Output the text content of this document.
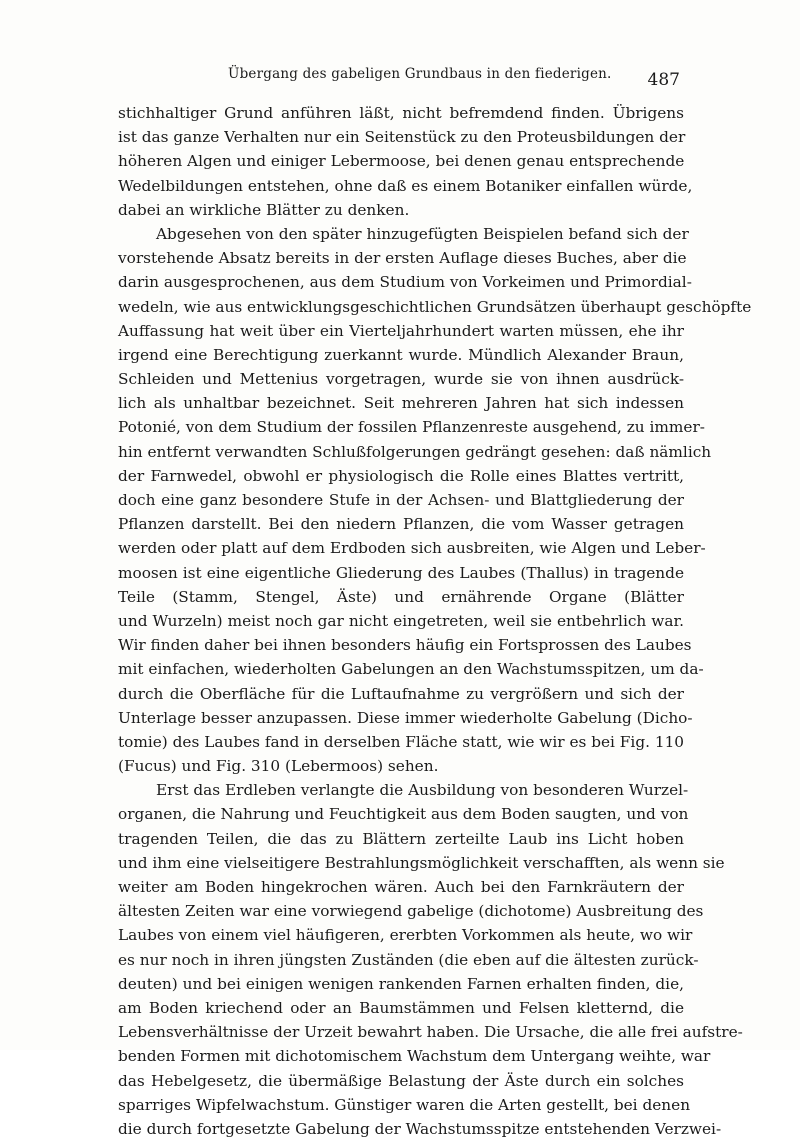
Übergang des gabeligen Grundbaus in den fiederigen. 487
stichhaltiger Grund anführen läßt, nicht befremdend finden. Übrigens
ist das ganze Verhalten nur ein Seitenstück zu den Proteusbildungen der
höheren Algen und einiger Lebermoose, bei denen genau entsprechende
Wedelbildungen entstehen, ohne daß es einem Botaniker einfallen würde,
dabei an wirkliche Blätter zu denken.
Abgesehen von den später hinzugefügten Beispielen befand sich der
vorstehende Absatz bereits in der ersten Auflage dieses Buches, aber die
darin ausgesprochenen, aus dem Studium von Vorkeimen und Primordial-
wedeln, wie aus entwicklungsgeschichtlichen Grundsätzen überhaupt geschöpfte
Auffassung hat weit über ein Vierteljahrhundert warten müssen, ehe ihr
irgend eine Berechtigung zuerkannt wurde. Mündlich Alexander Braun,
Schleiden und Mettenius vorgetragen, wurde sie von ihnen ausdrück-
lich als unhaltbar bezeichnet. Seit mehreren Jahren hat sich indessen
Potonié, von dem Studium der fossilen Pflanzenreste ausgehend, zu immer-
hin entfernt verwandten Schlußfolgerungen gedrängt gesehen: daß nämlich
der Farnwedel, obwohl er physiologisch die Rolle eines Blattes vertritt,
doch eine ganz besondere Stufe in der Achsen- und Blattgliederung der
Pflanzen darstellt. Bei den niedern Pflanzen, die vom Wasser getragen
werden oder platt auf dem Erdboden sich ausbreiten, wie Algen und Leber-
moosen ist eine eigentliche Gliederung des Laubes (Thallus) in tragende
Teile (Stamm, Stengel, Äste) und ernährende Organe (Blätter
und Wurzeln) meist noch gar nicht eingetreten, weil sie entbehrlich war.
Wir finden daher bei ihnen besonders häufig ein Fortsprossen des Laubes
mit einfachen, wiederholten Gabelungen an den Wachstumsspitzen, um da-
durch die Oberfläche für die Luftaufnahme zu vergrößern und sich der
Unterlage besser anzupassen. Diese immer wiederholte Gabelung (Dicho-
tomie) des Laubes fand in derselben Fläche statt, wie wir es bei Fig. 110
(Fucus) und Fig. 310 (Lebermoos) sehen.
Erst das Erdleben verlangte die Ausbildung von besonderen Wurzel-
organen, die Nahrung und Feuchtigkeit aus dem Boden saugten, und von
tragenden Teilen, die das zu Blättern zerteilte Laub ins Licht hoben
und ihm eine vielseitigere Bestrahlungsmöglichkeit verschafften, als wenn sie
weiter am Boden hingekrochen wären. Auch bei den Farnkräutern der
ältesten Zeiten war eine vorwiegend gabelige (dichotome) Ausbreitung des
Laubes von einem viel häufigeren, ererbten Vorkommen als heute, wo wir
es nur noch in ihren jüngsten Zuständen (die eben auf die ältesten zurück-
deuten) und bei einigen wenigen rankenden Farnen erhalten finden, die,
am Boden kriechend oder an Baumstämmen und Felsen kletternd, die
Lebensverhältnisse der Urzeit bewahrt haben. Die Ursache, die alle frei aufstre-
benden Formen mit dichotomischem Wachstum dem Untergang weihte, war
das Hebelgesetz, die übermäßige Belastung der Äste durch ein solches
sparriges Wipfelwachstum. Günstiger waren die Arten gestellt, bei denen
die durch fortgesetzte Gabelung der Wachstumsspitze entstehenden Verzwei-
